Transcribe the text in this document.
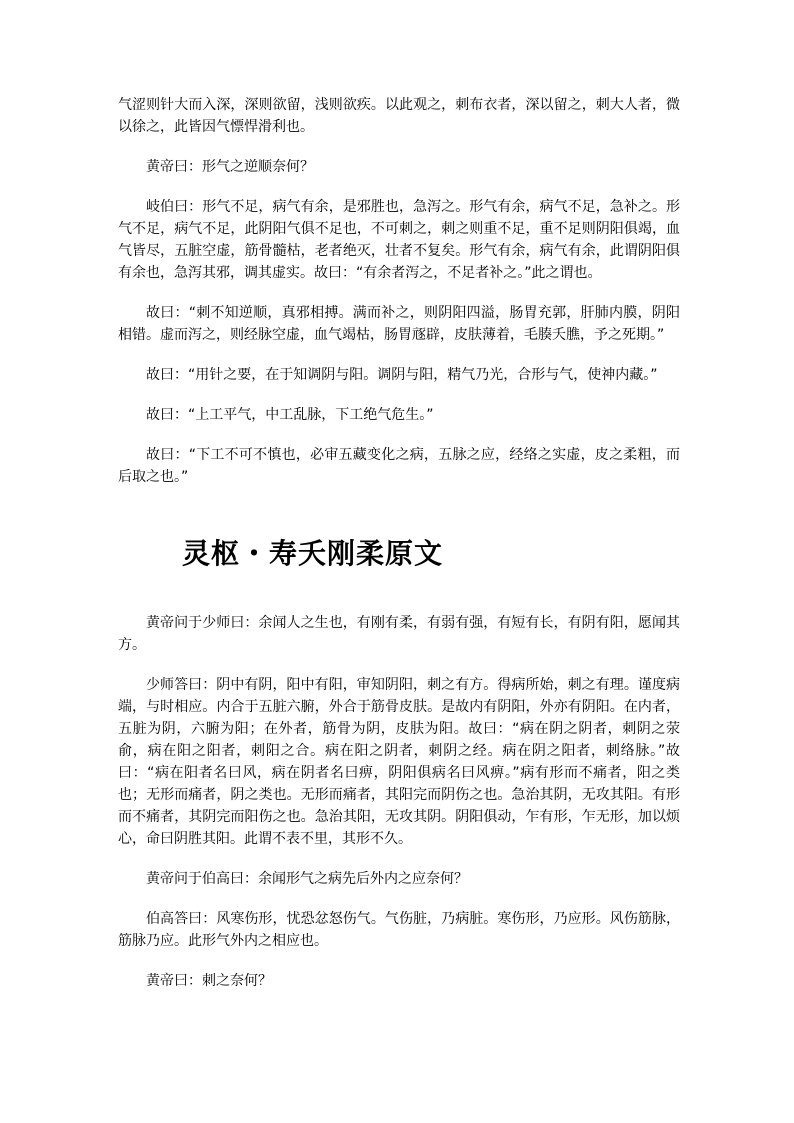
气涩则针大而入深，深则欲留，浅则欲疾。以此观之，刺布衣者，深以留之，刺大人者，微以徐之，此皆因气慓悍滑利也。

黄帝曰：形气之逆顺奈何？

岐伯曰：形气不足，病气有余，是邪胜也，急泻之。形气有余，病气不足，急补之。形气不足，病气不足，此阴阳气俱不足也，不可刺之，刺之则重不足，重不足则阴阳俱竭，血气皆尽，五脏空虚，筋骨髓枯，老者绝灭，壮者不复矣。形气有余，病气有余，此谓阴阳俱有余也，急泻其邪，调其虚实。故曰：“有余者泻之，不足者补之。”此之谓也。

故曰：“刺不知逆顺，真邪相搏。满而补之，则阴阳四溢，肠胃充郭，肝肺内膜，阴阳相错。虚而泻之，则经脉空虚，血气竭枯，肠胃㒮辟，皮肤薄着，毛腠夭膲，予之死期。”

故曰：“用针之要，在于知调阴与阳。调阴与阳，精气乃光，合形与气，使神内藏。”

故曰：“上工平气，中工乱脉，下工绝气危生。”

故曰：“下工不可不慎也，必审五藏变化之病，五脉之应，经络之实虚，皮之柔粗，而后取之也。”

灵枢・寿夭刚柔原文

黄帝问于少师曰：余闻人之生也，有刚有柔，有弱有强，有短有长，有阴有阳，愿闻其方。

少师答曰：阴中有阴，阳中有阳，审知阴阳，刺之有方。得病所始，刺之有理。谨度病端，与时相应。内合于五脏六腑，外合于筋骨皮肤。是故内有阴阳，外亦有阴阳。在内者，五脏为阴，六腑为阳；在外者，筋骨为阴，皮肤为阳。故曰：“病在阴之阴者，刺阴之荥俞，病在阳之阳者，刺阳之合。病在阳之阴者，刺阴之经。病在阴之阳者，刺络脉。”故曰：“病在阳者名曰风，病在阴者名曰痹，阴阳俱病名曰风痹。”病有形而不痛者，阳之类也；无形而痛者，阴之类也。无形而痛者，其阳完而阴伤之也。急治其阴，无攻其阳。有形而不痛者，其阴完而阳伤之也。急治其阳，无攻其阴。阴阳俱动，乍有形，乍无形，加以烦心，命曰阴胜其阳。此谓不表不里，其形不久。

黄帝问于伯高曰：余闻形气之病先后外内之应奈何？

伯高答曰：风寒伤形，忧恐忿怒伤气。气伤脏，乃病脏。寒伤形，乃应形。风伤筋脉，筋脉乃应。此形气外内之相应也。

黄帝曰：刺之奈何？
